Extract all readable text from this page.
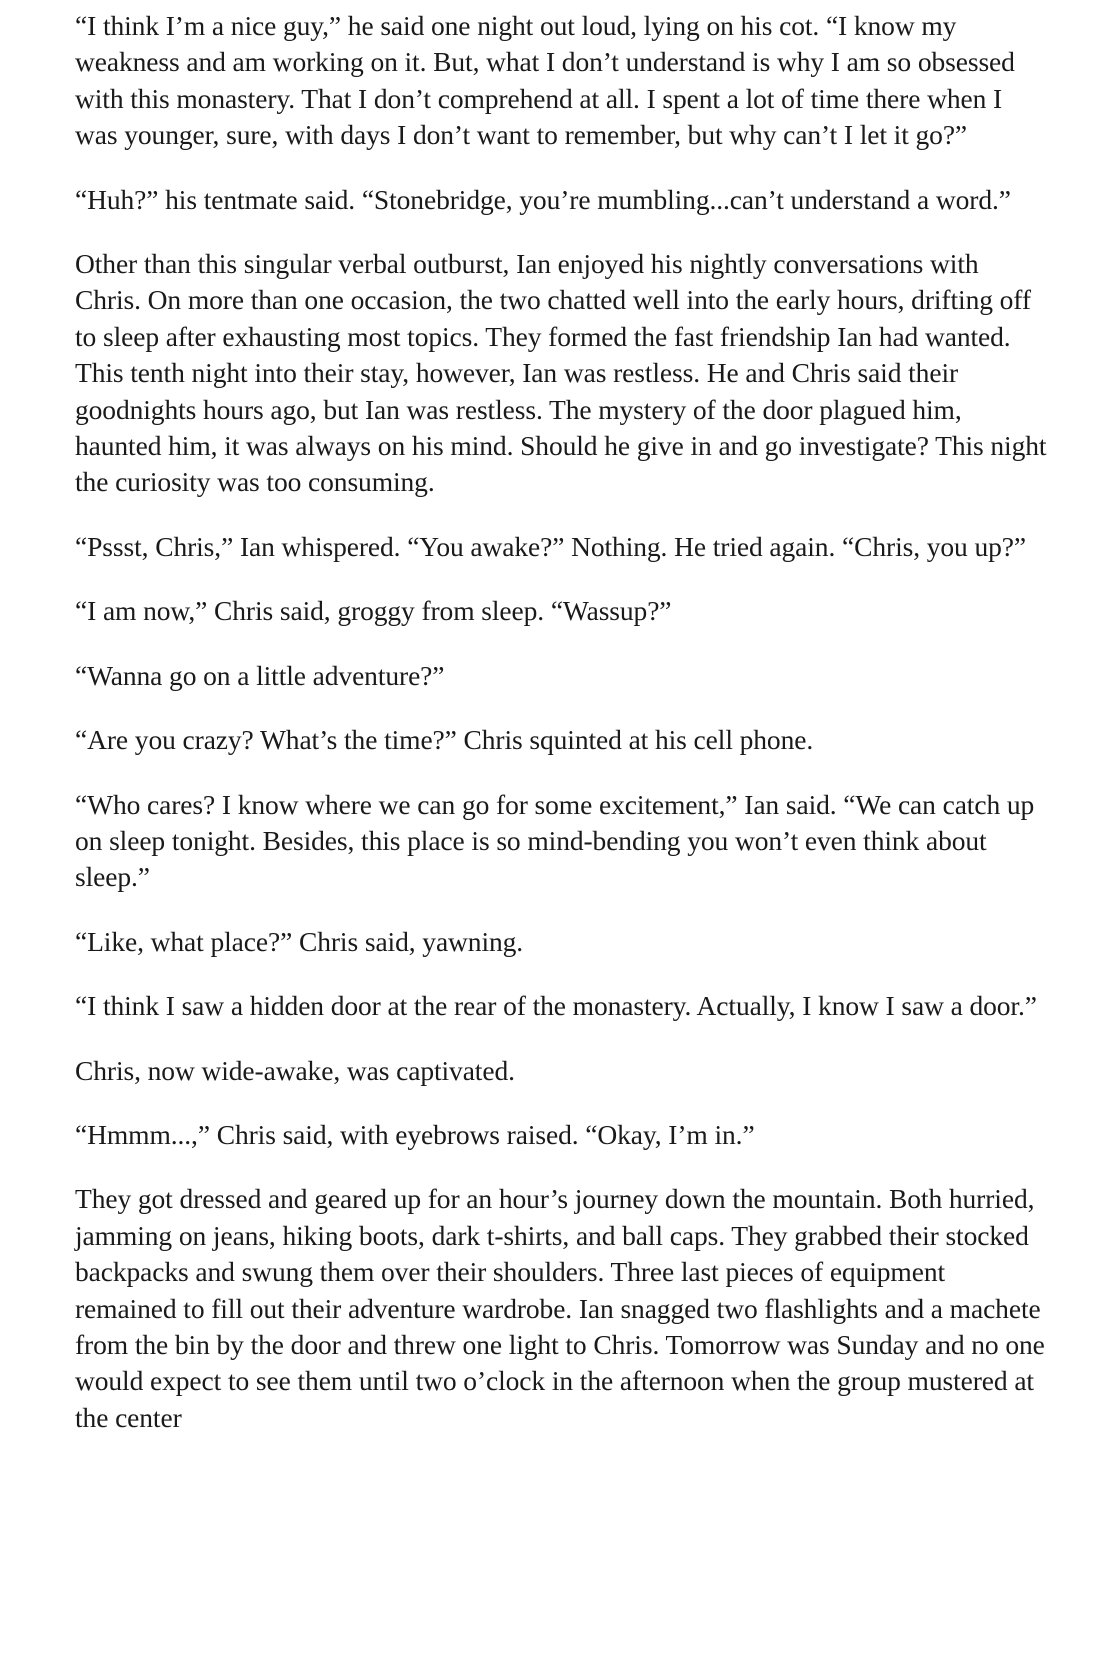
“I think I’m a nice guy,” he said one night out loud, lying on his cot. “I know my weakness and am working on it. But, what I don’t understand is why I am so obsessed with this monastery. That I don’t comprehend at all. I spent a lot of time there when I was younger, sure, with days I don’t want to remember, but why can’t I let it go?”

“Huh?” his tentmate said. “Stonebridge, you’re mumbling...can’t understand a word.”

Other than this singular verbal outburst, Ian enjoyed his nightly conversations with Chris. On more than one occasion, the two chatted well into the early hours, drifting off to sleep after exhausting most topics. They formed the fast friendship Ian had wanted. This tenth night into their stay, however, Ian was restless. He and Chris said their goodnights hours ago, but Ian was restless. The mystery of the door plagued him, haunted him, it was always on his mind. Should he give in and go investigate? This night the curiosity was too consuming.

“Pssst, Chris,” Ian whispered. “You awake?” Nothing. He tried again. “Chris, you up?”

“I am now,” Chris said, groggy from sleep. “Wassup?”

“Wanna go on a little adventure?”

“Are you crazy? What’s the time?” Chris squinted at his cell phone.

“Who cares? I know where we can go for some excitement,” Ian said. “We can catch up on sleep tonight. Besides, this place is so mind-bending you won’t even think about sleep.”

“Like, what place?” Chris said, yawning.

“I think I saw a hidden door at the rear of the monastery. Actually, I know I saw a door.”

Chris, now wide-awake, was captivated.

“Hmmm...,” Chris said, with eyebrows raised. “Okay, I’m in.”

They got dressed and geared up for an hour’s journey down the mountain. Both hurried, jamming on jeans, hiking boots, dark t-shirts, and ball caps. They grabbed their stocked backpacks and swung them over their shoulders. Three last pieces of equipment remained to fill out their adventure wardrobe. Ian snagged two flashlights and a machete from the bin by the door and threw one light to Chris. Tomorrow was Sunday and no one would expect to see them until two o’clock in the afternoon when the group mustered at the center
